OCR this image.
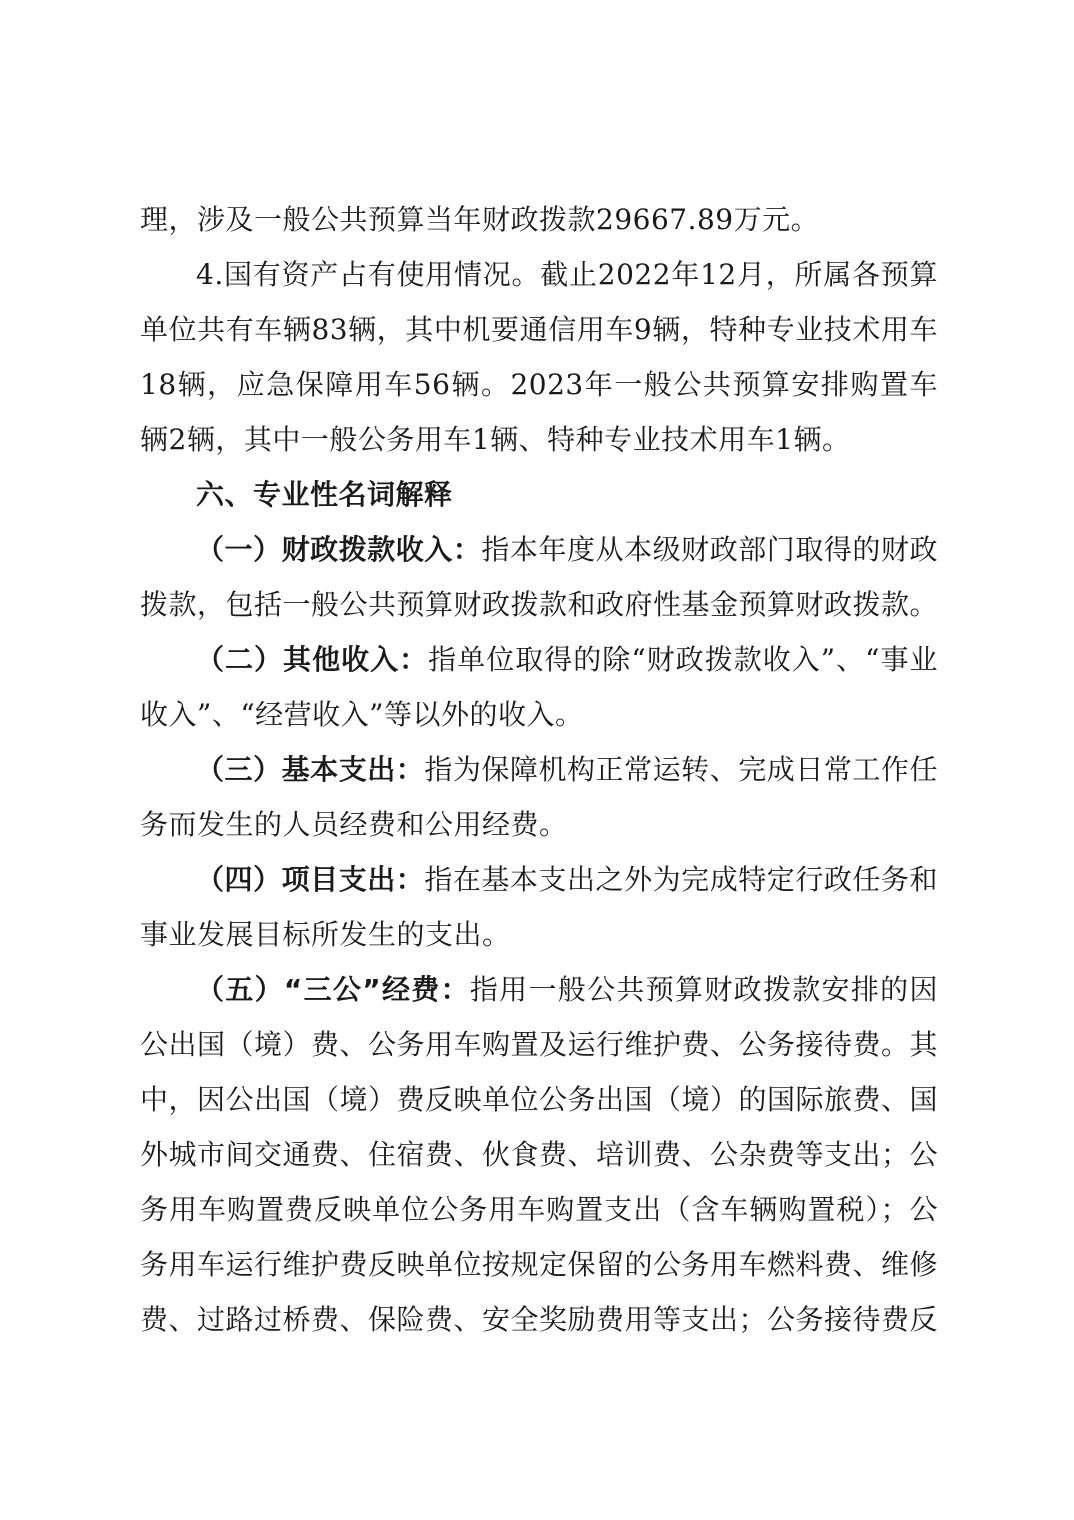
理，涉及一般公共预算当年财政拨款29667.89万元。

4.国有资产占有使用情况。截止2022年12月，所属各预算单位共有车辆83辆，其中机要通信用车9辆，特种专业技术用车18辆，应急保障用车56辆。2023年一般公共预算安排购置车辆2辆，其中一般公务用车1辆、特种专业技术用车1辆。

六、专业性名词解释

（一）财政拨款收入：指本年度从本级财政部门取得的财政拨款，包括一般公共预算财政拨款和政府性基金预算财政拨款。

（二）其他收入：指单位取得的除“财政拨款收入”、“事业收入”、“经营收入”等以外的收入。

（三）基本支出：指为保障机构正常运转、完成日常工作任务而发生的人员经费和公用经费。

（四）项目支出：指在基本支出之外为完成特定行政任务和事业发展目标所发生的支出。

（五）“三公”经费：指用一般公共预算财政拨款安排的因公出国（境）费、公务用车购置及运行维护费、公务接待费。其中，因公出国（境）费反映单位公务出国（境）的国际旅费、国外城市间交通费、住宿费、伙食费、培训费、公杂费等支出；公务用车购置费反映单位公务用车购置支出（含车辆购置税）；公务用车运行维护费反映单位按规定保留的公务用车燃料费、维修费、过路过桥费、保险费、安全奖励费用等支出；公务接待费反
